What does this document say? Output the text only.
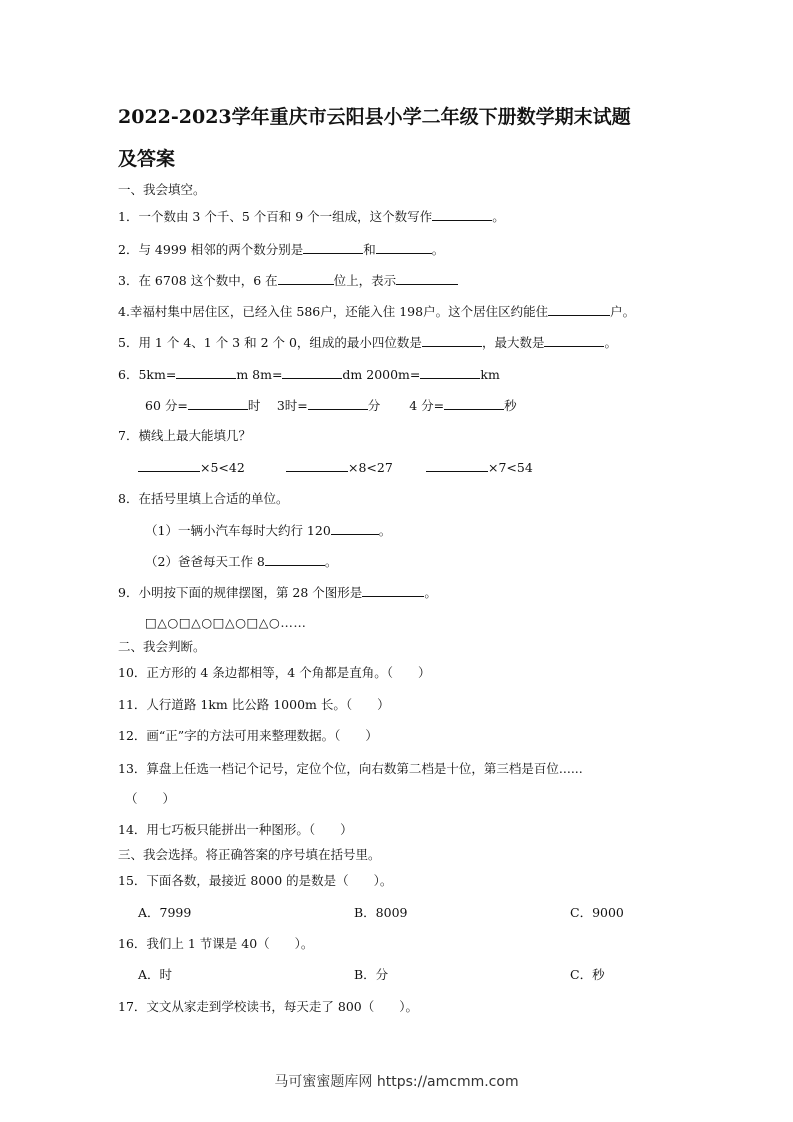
2022-2023学年重庆市云阳县小学二年级下册数学期末试题
及答案
一、我会填空。
1．一个数由 3 个千、5 个百和 9 个一组成，这个数写作	。
2．与 4999 相邻的两个数分别是	和	。
3．在 6708 这个数中，6 在	位上，表示
4.幸福村集中居住区，已经入住 586户，还能入住 198户。这个居住区约能住	户。
5．用 1 个 4、1 个 3 和 2 个 0，组成的最小四位数是	，最大数是	。
6．5km=	m 8m=	dm 2000m=	km
60 分=	时　 3时=	分　　 4 分=	秒
7．横线上最大能填几？
×5<42	×8<27	×7<54
8．在括号里填上合适的单位。
（1）一辆小汽车每时大约行 120	。
（2）爸爸每天工作 8	。
9．小明按下面的规律摆图，第 28 个图形是	。
□△○□△○□△○□△○……
二、我会判断。
10．正方形的 4 条边都相等，4 个角都是直角。（　　）
11．人行道路 1km 比公路 1000m 长。（　　）
12．画“正”字的方法可用来整理数据。（　　）
13．算盘上任选一档记个记号，定位个位，向右数第二档是十位，第三档是百位......
（　　）
14．用七巧板只能拼出一种图形。（　　）
三、我会选择。将正确答案的序号填在括号里。
15．下面各数，最接近 8000 的是数是（　　）。
A．7999	B．8009	C．9000
16．我们上 1 节课是 40（　　）。
A．时	B．分	C．秒
17．文文从家走到学校读书，每天走了 800（　　）。
马可蜜蜜题库网 https://amcmm.com
